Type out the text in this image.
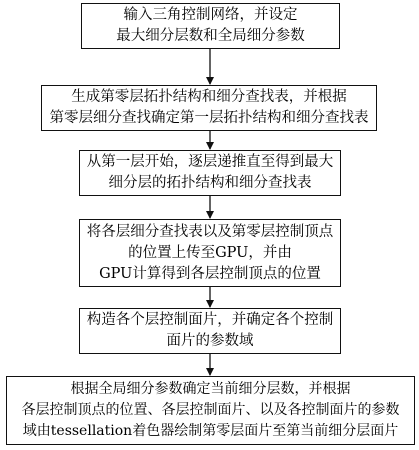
输入三角控制网络，并设定
最大细分层数和全局细分参数
生成第零层拓扑结构和细分查找表，并根据
第零层细分查找确定第一层拓扑结构和细分查找表
从第一层开始，逐层递推直至得到最大
细分层的拓扑结构和细分查找表
将各层细分查找表以及第零层控制顶点
的位置上传至GPU，并由
GPU计算得到各层控制顶点的位置
构造各个层控制面片，并确定各个控制
面片的参数域
根据全局细分参数确定当前细分层数，并根据
各层控制顶点的位置、各层控制面片、以及各控制面片的参数
域由tessellation着色器绘制第零层面片至第当前细分层面片
